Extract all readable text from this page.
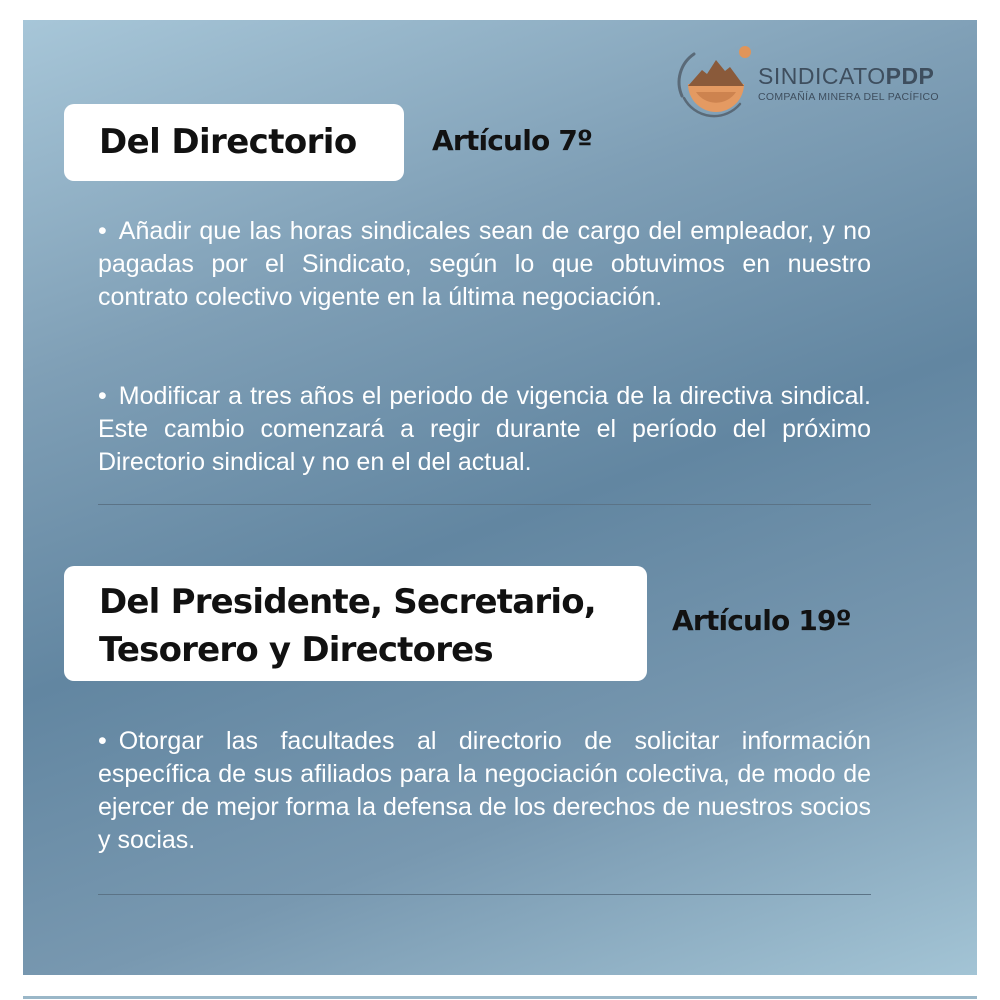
SINDICATOPDP
COMPAÑÍA MINERA DEL PACÍFICO
Del Directorio	Artículo 7º

• Añadir que las horas sindicales sean de cargo del empleador, y no pagadas por el Sindicato, según lo que obtuvimos en nuestro contrato colectivo vigente en la última negociación.

• Modificar a tres años el periodo de vigencia de la directiva sindical. Este cambio comenzará a regir durante el período del próximo Directorio sindical y no en el del actual.

Del Presidente, Secretario,
Tesorero y Directores
Artículo 19º

• Otorgar las facultades al directorio de solicitar información específica de sus afiliados para la negociación colectiva, de modo de ejercer de mejor forma la defensa de los derechos de nuestros socios y socias.
